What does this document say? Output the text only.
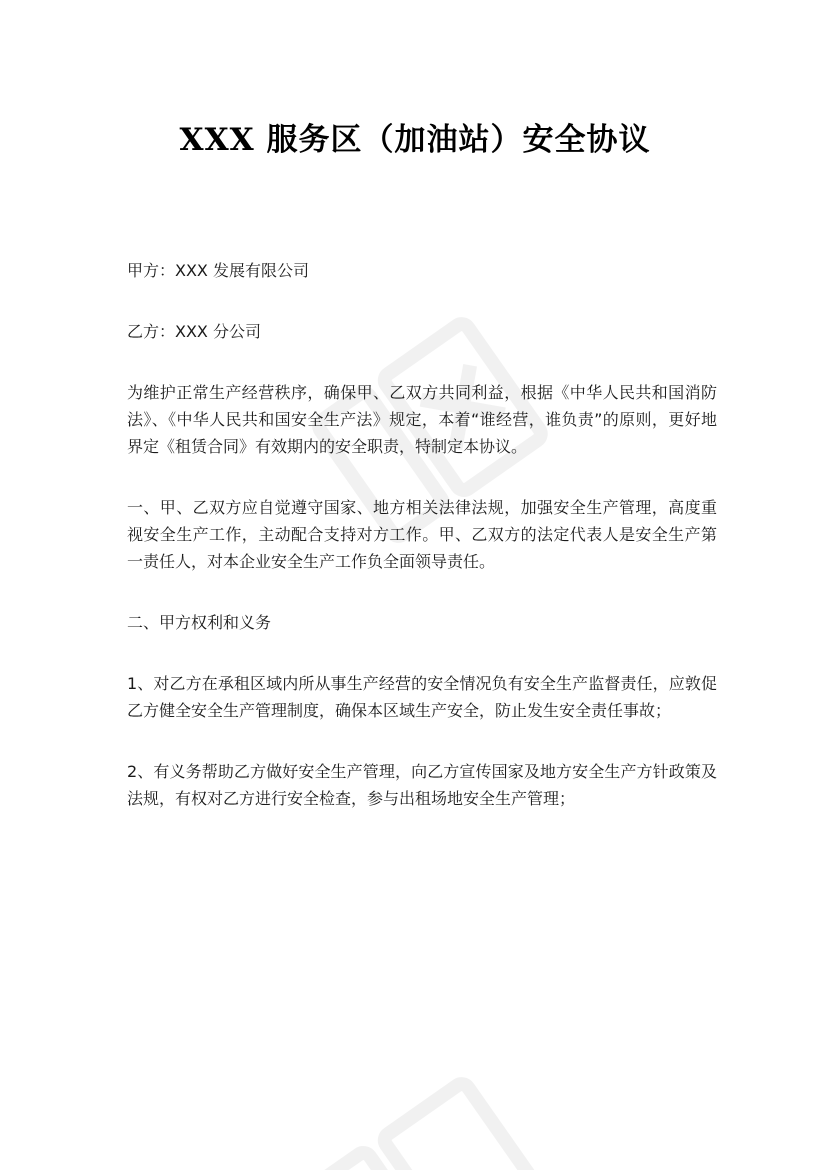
XXX 服务区（加油站）安全协议

甲方：XXX 发展有限公司

乙方：XXX 分公司

为维护正常生产经营秩序，确保甲、乙双方共同利益，根据《中华人民共和国消防法》、《中华人民共和国安全生产法》规定，本着“谁经营，谁负责”的原则，更好地界定《租赁合同》有效期内的安全职责，特制定本协议。

一、甲、乙双方应自觉遵守国家、地方相关法律法规，加强安全生产管理，高度重视安全生产工作，主动配合支持对方工作。甲、乙双方的法定代表人是安全生产第一责任人，对本企业安全生产工作负全面领导责任。

二、甲方权利和义务

1、对乙方在承租区域内所从事生产经营的安全情况负有安全生产监督责任，应敦促乙方健全安全生产管理制度，确保本区域生产安全，防止发生安全责任事故；

2、有义务帮助乙方做好安全生产管理，向乙方宣传国家及地方安全生产方针政策及法规，有权对乙方进行安全检查，参与出租场地安全生产管理；
